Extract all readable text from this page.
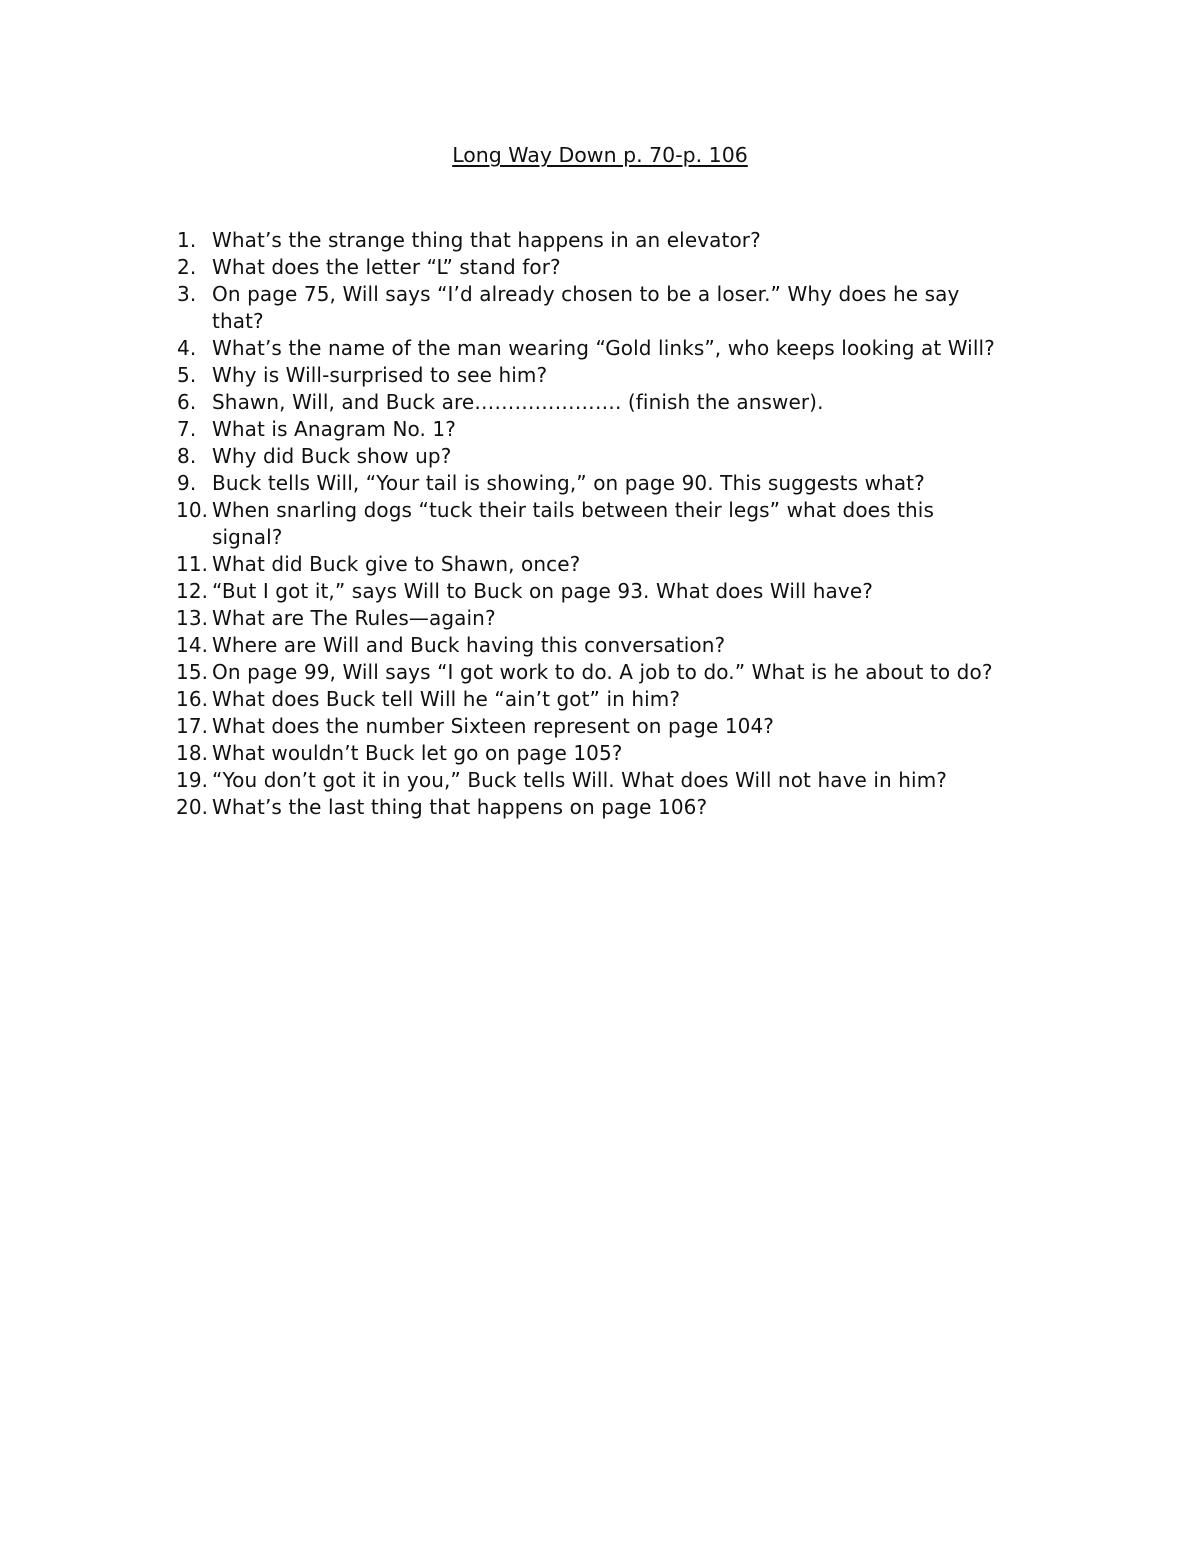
Long Way Down p. 70-p. 106
1. What’s the strange thing that happens in an elevator?
2. What does the letter “L” stand for?
3. On page 75, Will says “I’d already chosen to be a loser.” Why does he say
that?
4. What’s the name of the man wearing “Gold links”, who keeps looking at Will?
5. Why is Will-surprised to see him?
6. Shawn, Will, and Buck are…………………. (finish the answer).
7. What is Anagram No. 1?
8. Why did Buck show up?
9. Buck tells Will, “Your tail is showing,” on page 90. This suggests what?
10. When snarling dogs “tuck their tails between their legs” what does this
signal?
11. What did Buck give to Shawn, once?
12. “But I got it,” says Will to Buck on page 93. What does Will have?
13. What are The Rules—again?
14. Where are Will and Buck having this conversation?
15. On page 99, Will says “I got work to do. A job to do.” What is he about to do?
16. What does Buck tell Will he “ain’t got” in him?
17. What does the number Sixteen represent on page 104?
18. What wouldn’t Buck let go on page 105?
19. “You don’t got it in you,” Buck tells Will. What does Will not have in him?
20. What’s the last thing that happens on page 106?
